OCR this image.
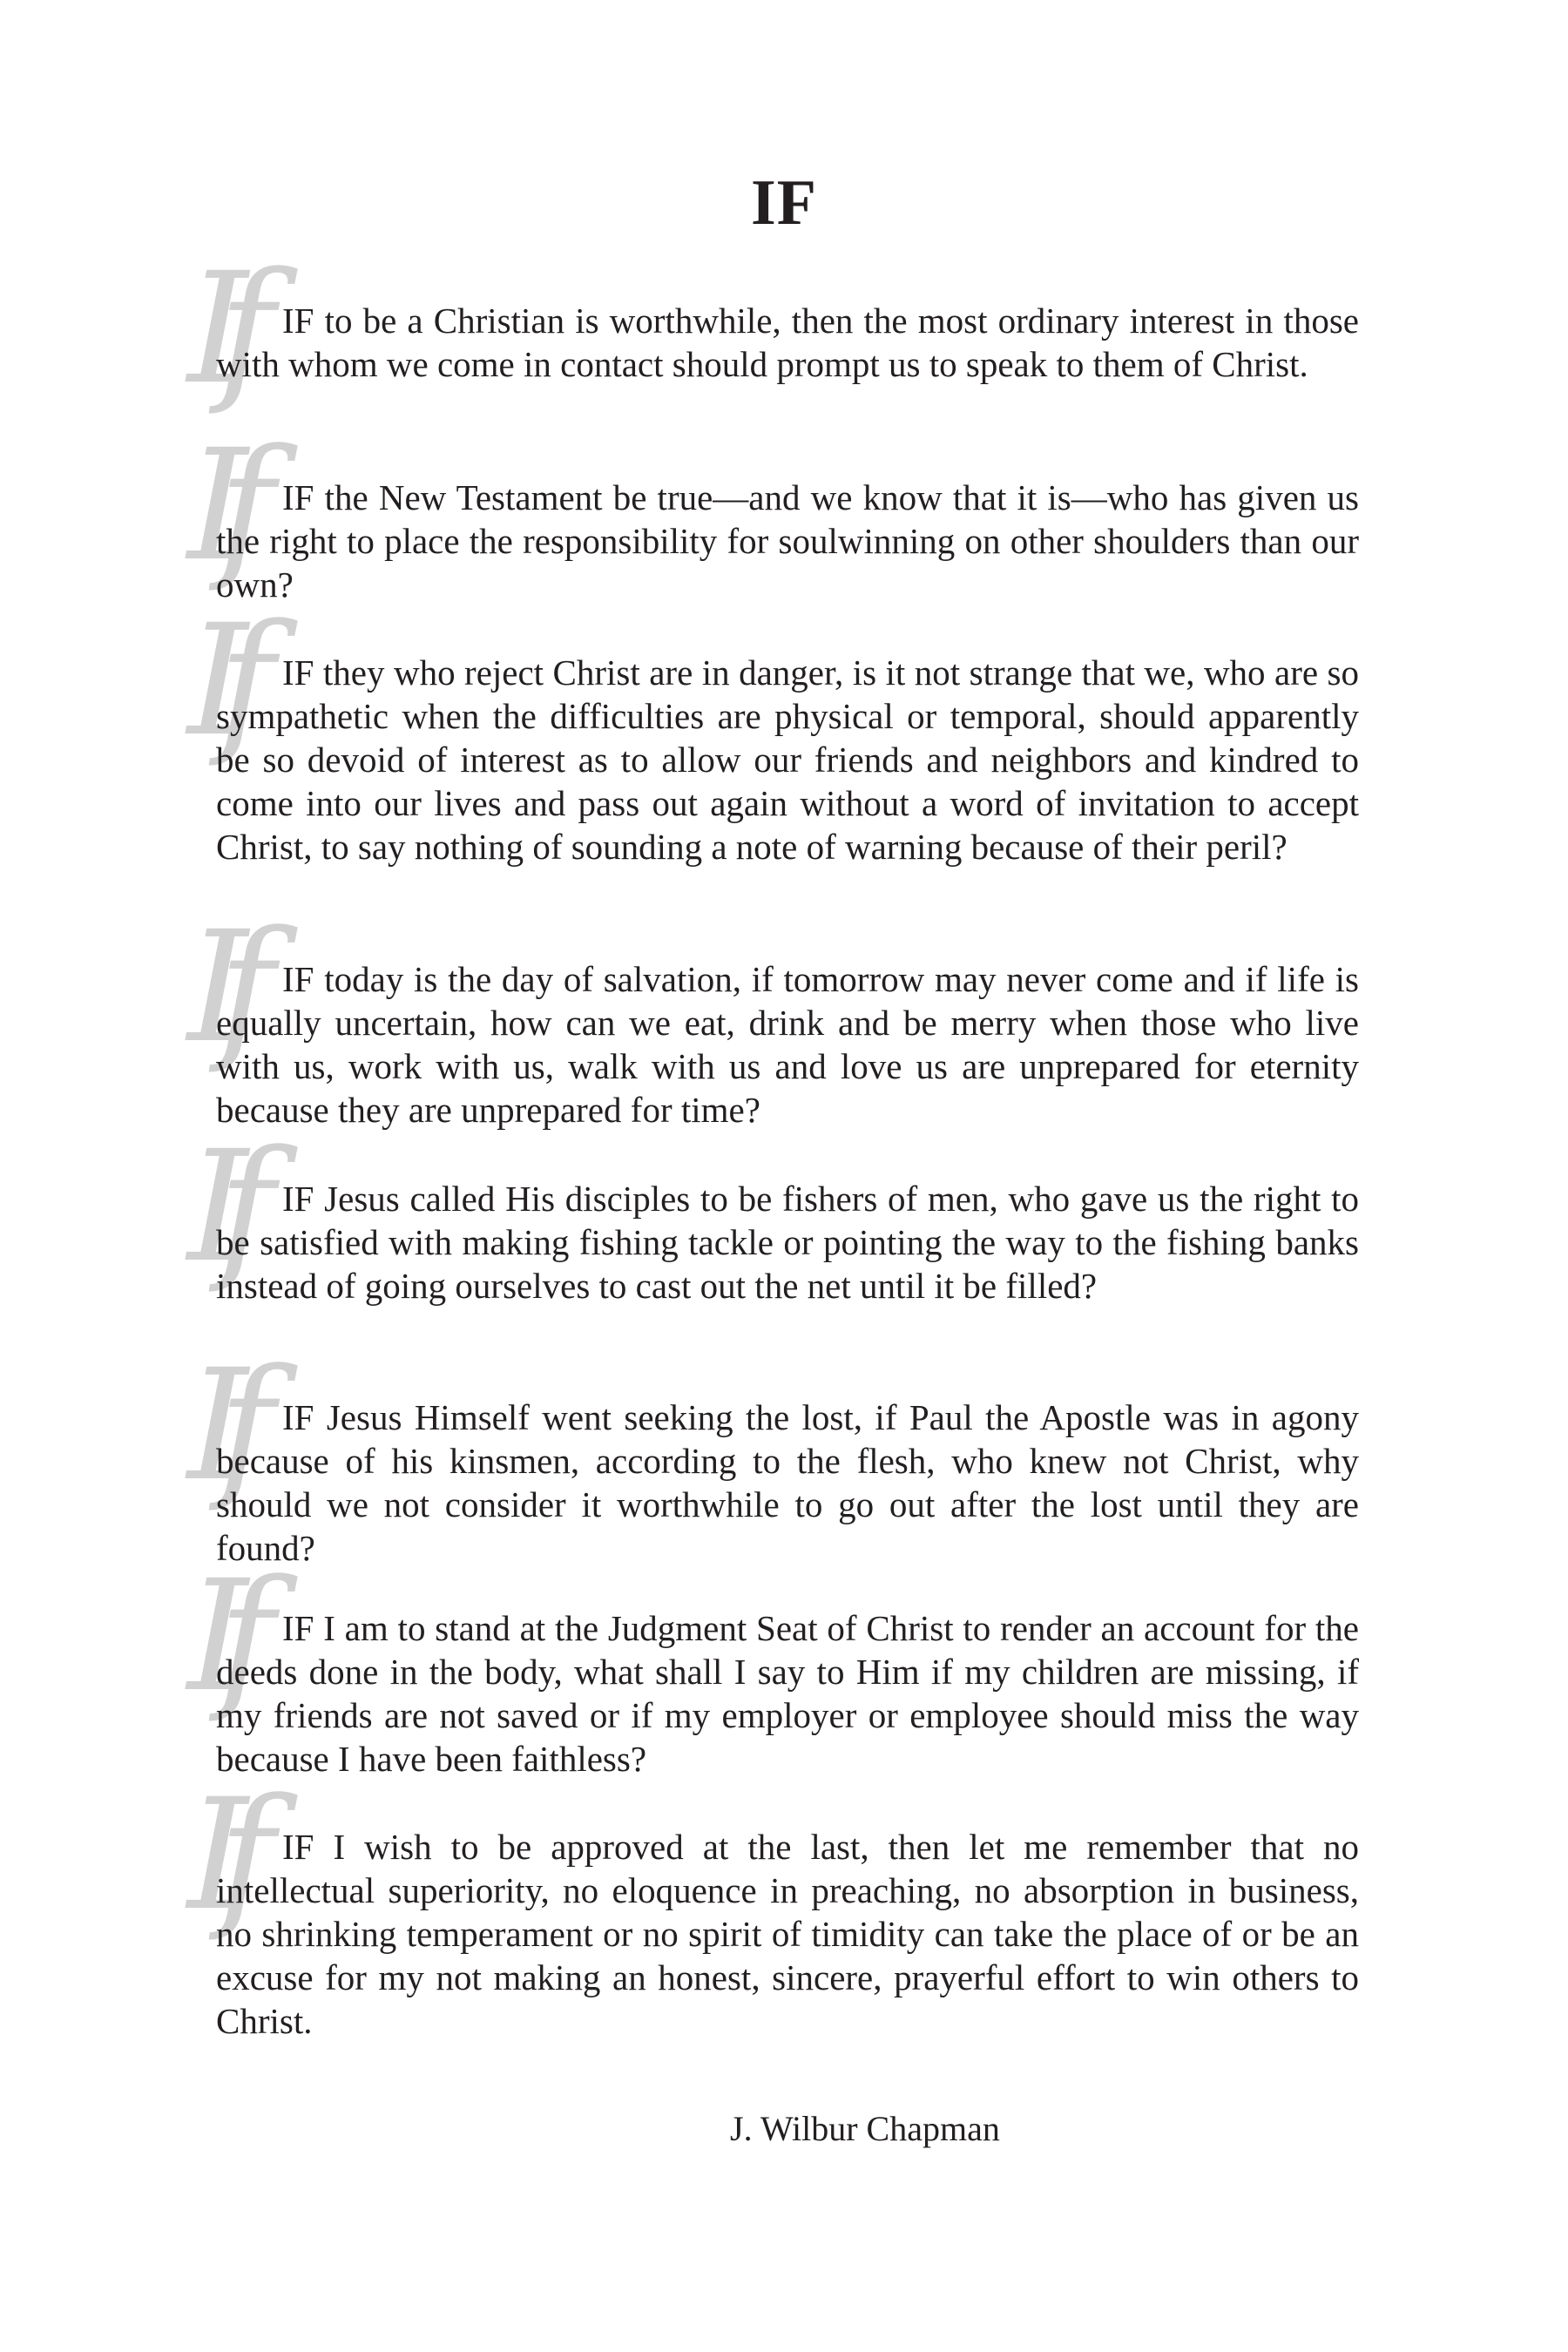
IF
If
If
If
If
If
If
If
If

IF to be a Christian is worthwhile, then the most ordinary interest in those with whom we come in contact should prompt us to speak to them of Christ.

IF the New Testament be true—and we know that it is—who has given us the right to place the responsibility for soulwinning on other shoulders than our own?

IF they who reject Christ are in danger, is it not strange that we, who are so sympathetic when the difficulties are physical or temporal, should apparently be so devoid of interest as to allow our friends and neighbors and kindred to come into our lives and pass out again without a word of invitation to accept Christ, to say nothing of sounding a note of warning because of their peril?

IF today is the day of salvation, if tomorrow may never come and if life is equally uncertain, how can we eat, drink and be merry when those who live with us, work with us, walk with us and love us are unprepared for eternity because they are unprepared for time?

IF Jesus called His disciples to be fishers of men, who gave us the right to be satisfied with making fishing tackle or pointing the way to the fishing banks instead of going ourselves to cast out the net until it be filled?

IF Jesus Himself went seeking the lost, if Paul the Apostle was in agony because of his kinsmen, according to the flesh, who knew not Christ, why should we not consider it worthwhile to go out after the lost until they are found?

IF I am to stand at the Judgment Seat of Christ to render an account for the deeds done in the body, what shall I say to Him if my children are missing, if my friends are not saved or if my employer or employee should miss the way because I have been faithless?

IF I wish to be approved at the last, then let me remember that no intellectual superiority, no eloquence in preaching, no absorption in business, no shrinking temperament or no spirit of timidity can take the place of or be an excuse for my not making an honest, sincere, prayerful effort to win others to Christ.

J. Wilbur Chapman
